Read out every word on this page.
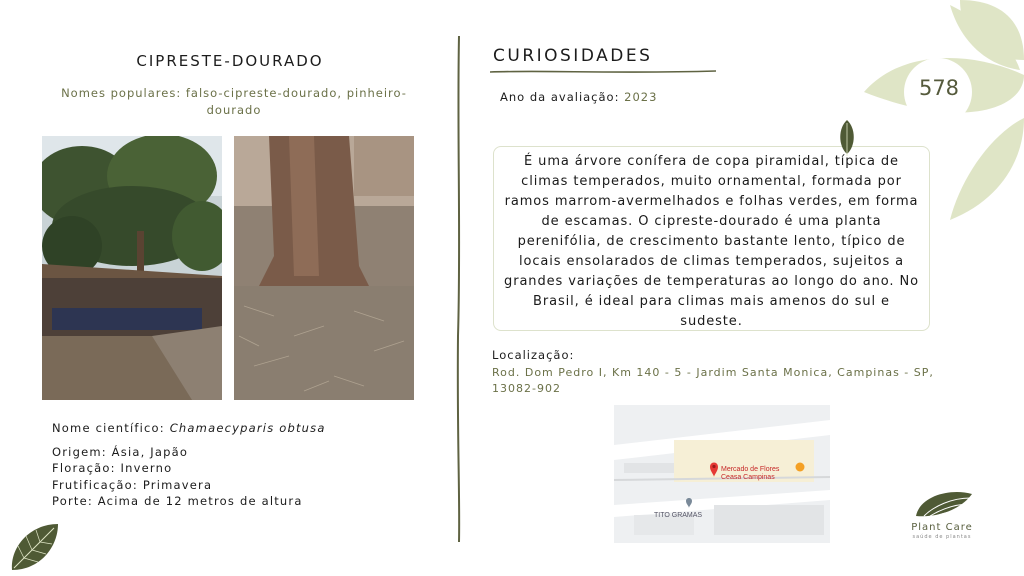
CIPRESTE-DOURADO
Nomes populares: falso-cipreste-dourado, pinheiro-dourado
Nome científico: Chamaecyparis obtusa
Origem: Ásia, Japão
Floração: Inverno
Frutificação: Primavera
Porte: Acima de 12 metros de altura
CURIOSIDADES
Ano da avaliação: 2023
É uma árvore conífera de copa piramidal, típica de climas temperados, muito ornamental, formada por ramos marrom-avermelhados e folhas verdes, em forma de escamas. O cipreste-dourado é uma planta perenifólia, de crescimento bastante lento, típico de locais ensolarados de climas temperados, sujeitos a grandes variações de temperaturas ao longo do ano. No Brasil, é ideal para climas mais amenos do sul e sudeste.
Localização:
Rod. Dom Pedro I, Km 140 - 5 - Jardim Santa Monica, Campinas - SP, 13082-902
Mercado de Flores
Ceasa Campinas
TITO GRAMAS
578
Plant Care
saúde de plantas
